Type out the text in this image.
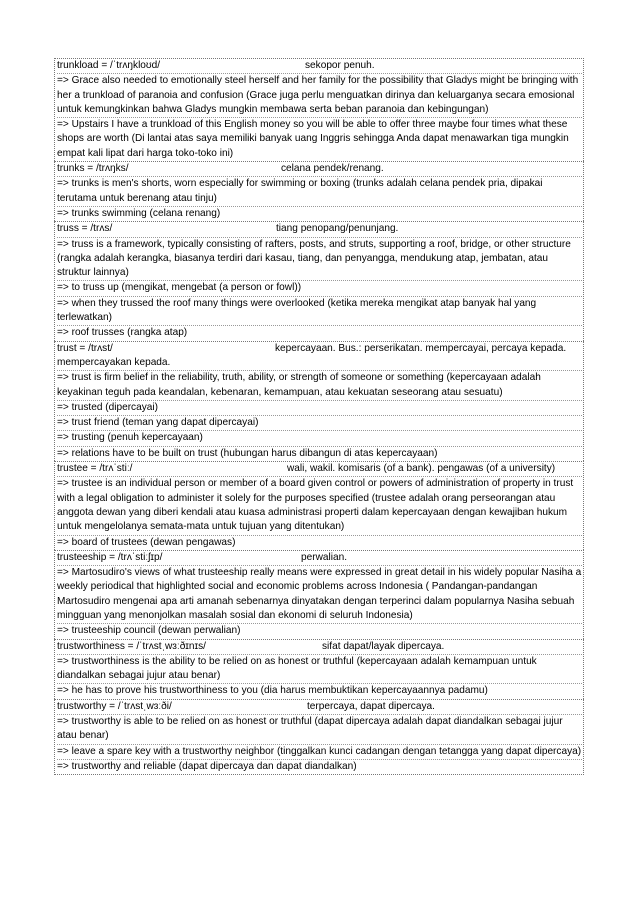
trunkload = /ˈtrʌŋkloʊd/	sekopor penuh.
=> Grace also needed to emotionally steel herself and her family for the possibility that Gladys might be bringing with her a trunkload of paranoia and confusion (Grace juga perlu menguatkan dirinya dan keluarganya secara emosional untuk kemungkinkan bahwa Gladys mungkin membawa serta beban paranoia dan kebingungan)
=> Upstairs I have a trunkload of this English money so you will be able to offer three maybe four times what these shops are worth (Di lantai atas saya memiliki banyak uang Inggris sehingga Anda dapat menawarkan tiga mungkin empat kali lipat dari harga toko-toko ini)
trunks = /trʌŋks/	celana pendek/renang.
=> trunks is men's shorts, worn especially for swimming or boxing (trunks adalah celana pendek pria, dipakai terutama untuk berenang atau tinju)
=> trunks swimming (celana renang)
truss = /trʌs/	tiang penopang/penunjang.
=> truss is a framework, typically consisting of rafters, posts, and struts, supporting a roof, bridge, or other structure (rangka adalah kerangka, biasanya terdiri dari kasau, tiang, dan penyangga, mendukung atap, jembatan, atau struktur lainnya)
=> to truss up (mengikat, mengebat (a person or fowl))
=> when they trussed the roof many things were overlooked (ketika mereka mengikat atap banyak hal yang terlewatkan)
=> roof trusses (rangka atap)
trust = /trʌst/	kepercayaan. Bus.: perserikatan. mempercayai, percaya kepada. mempercayakan kepada.
=> trust is firm belief in the reliability, truth, ability, or strength of someone or something (kepercayaan adalah keyakinan teguh pada keandalan, kebenaran, kemampuan, atau kekuatan seseorang atau sesuatu)
=> trusted (dipercayai)
=> trust friend (teman yang dapat dipercayai)
=> trusting (penuh kepercayaan)
=> relations have to be built on trust (hubungan harus dibangun di atas kepercayaan)
trustee = /trʌˈstiː/	wali, wakil. komisaris (of a bank). pengawas (of a university)
=> trustee is an individual person or member of a board given control or powers of administration of property in trust with a legal obligation to administer it solely for the purposes specified (trustee adalah orang perseorangan atau anggota dewan yang diberi kendali atau kuasa administrasi properti dalam kepercayaan dengan kewajiban hukum untuk mengelolanya semata-mata untuk tujuan yang ditentukan)
=> board of trustees (dewan pengawas)
trusteeship = /trʌˈstiːʃɪp/	perwalian.
=> Martosudiro's views of what trusteeship really means were expressed in great detail in his widely popular Nasiha a weekly periodical that highlighted social and economic problems across Indonesia ( Pandangan-pandangan Martosudiro mengenai apa arti amanah sebenarnya dinyatakan dengan terperinci dalam popularnya Nasiha sebuah mingguan yang menonjolkan masalah sosial dan ekonomi di seluruh Indonesia)
=> trusteeship council (dewan perwalian)
trustworthiness = /ˈtrʌstˌwɜːðɪnɪs/	sifat dapat/layak dipercaya.
=> trustworthiness is the ability to be relied on as honest or truthful (kepercayaan adalah kemampuan untuk diandalkan sebagai jujur atau benar)
=> he has to prove his trustworthiness to you (dia harus membuktikan kepercayaannya padamu)
trustworthy = /ˈtrʌstˌwɜːði/	terpercaya, dapat dipercaya.
=> trustworthy is able to be relied on as honest or truthful (dapat dipercaya adalah dapat diandalkan sebagai jujur atau benar)
=> leave a spare key with a trustworthy neighbor (tinggalkan kunci cadangan dengan tetangga yang dapat dipercaya)
=> trustworthy and reliable (dapat dipercaya dan dapat diandalkan)
